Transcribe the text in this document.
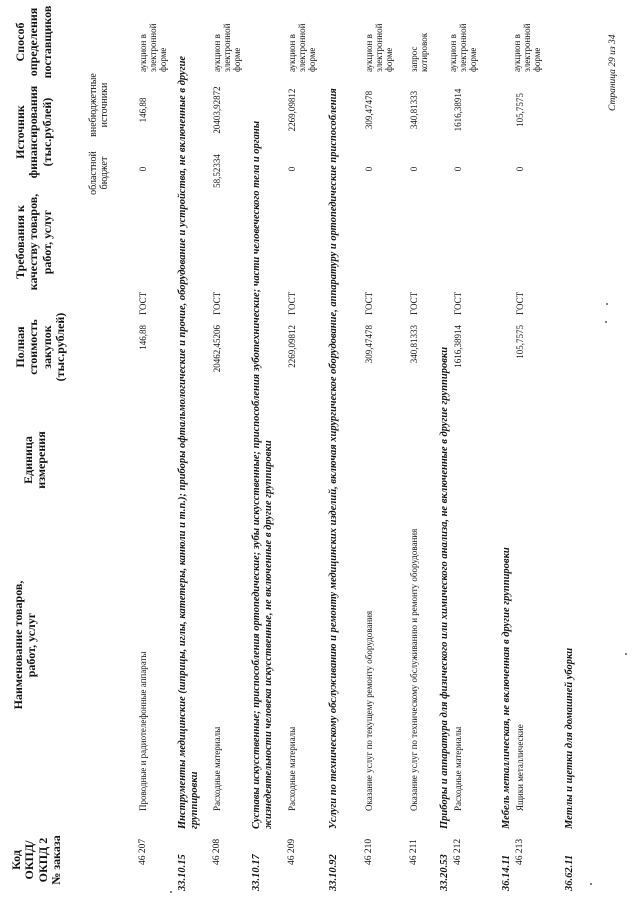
Код
ОКПД/
ОКПД 2
№ заказа
Наименование товаров,
работ, услуг
Единица
измерения
Полная
стоимость
закупок
(тыс.рублей)
Требования к
качеству товаров,
работ, услуг
Источник
финансирования
(тыс.рублей)
областной
бюджет
внебюджетные
источники
Способ
определения
поставщиков
46 207
Проводные и радиотелефонные аппараты
146,88
ГОСТ
0
146,88
аукцион в
электронной
форме
33.10.15
Инструменты медицинские (шприцы, иглы, катетеры, канюли и т.п.); приборы офтальмологические и прочие, оборудование и устройства, не включенные в другие группировки
46 208
Расходные материалы
20462,45206
ГОСТ
58,52334
20403,92872
аукцион в
электронной
форме
33.10.17
Суставы искусственные; приспособления ортопедические; зубы искусственные; приспособления зуботехнические; части человеческого тела и органы жизнедеятельности человека искусственные, не включенные в другие группировки
46 209
Расходные материалы
2269,09812
ГОСТ
0
2269,09812
аукцион в
электронной
форме
33.10.92
Услуги по техническому обслуживанию и ремонту медицинских изделий, включая хирургическое оборудование, аппаратуру и ортопедические приспособления
46 210
Оказание услуг по текущему ремонту оборудования
309,47478
ГОСТ
0
309,47478
аукцион в
электронной
форме
46 211
Оказание услуг по техническому обслуживанию и ремонту оборудования
340,81333
ГОСТ
0
340,81333
запрос
котировок
33.20.53
Приборы и аппаратура для физического или химического анализа, не включенные в другие группировки
46 212
Расходные материалы
1616,38914
ГОСТ
0
1616,38914
аукцион в
электронной
форме
36.14.11
Мебель металлическая, не включенная в другие группировки
46 213
Ящики металлические
105,7575
ГОСТ
0
105,7575
аукцион в
электронной
форме
36.62.11
Метлы и щетки для домашней уборки
Страница 29 из 34
